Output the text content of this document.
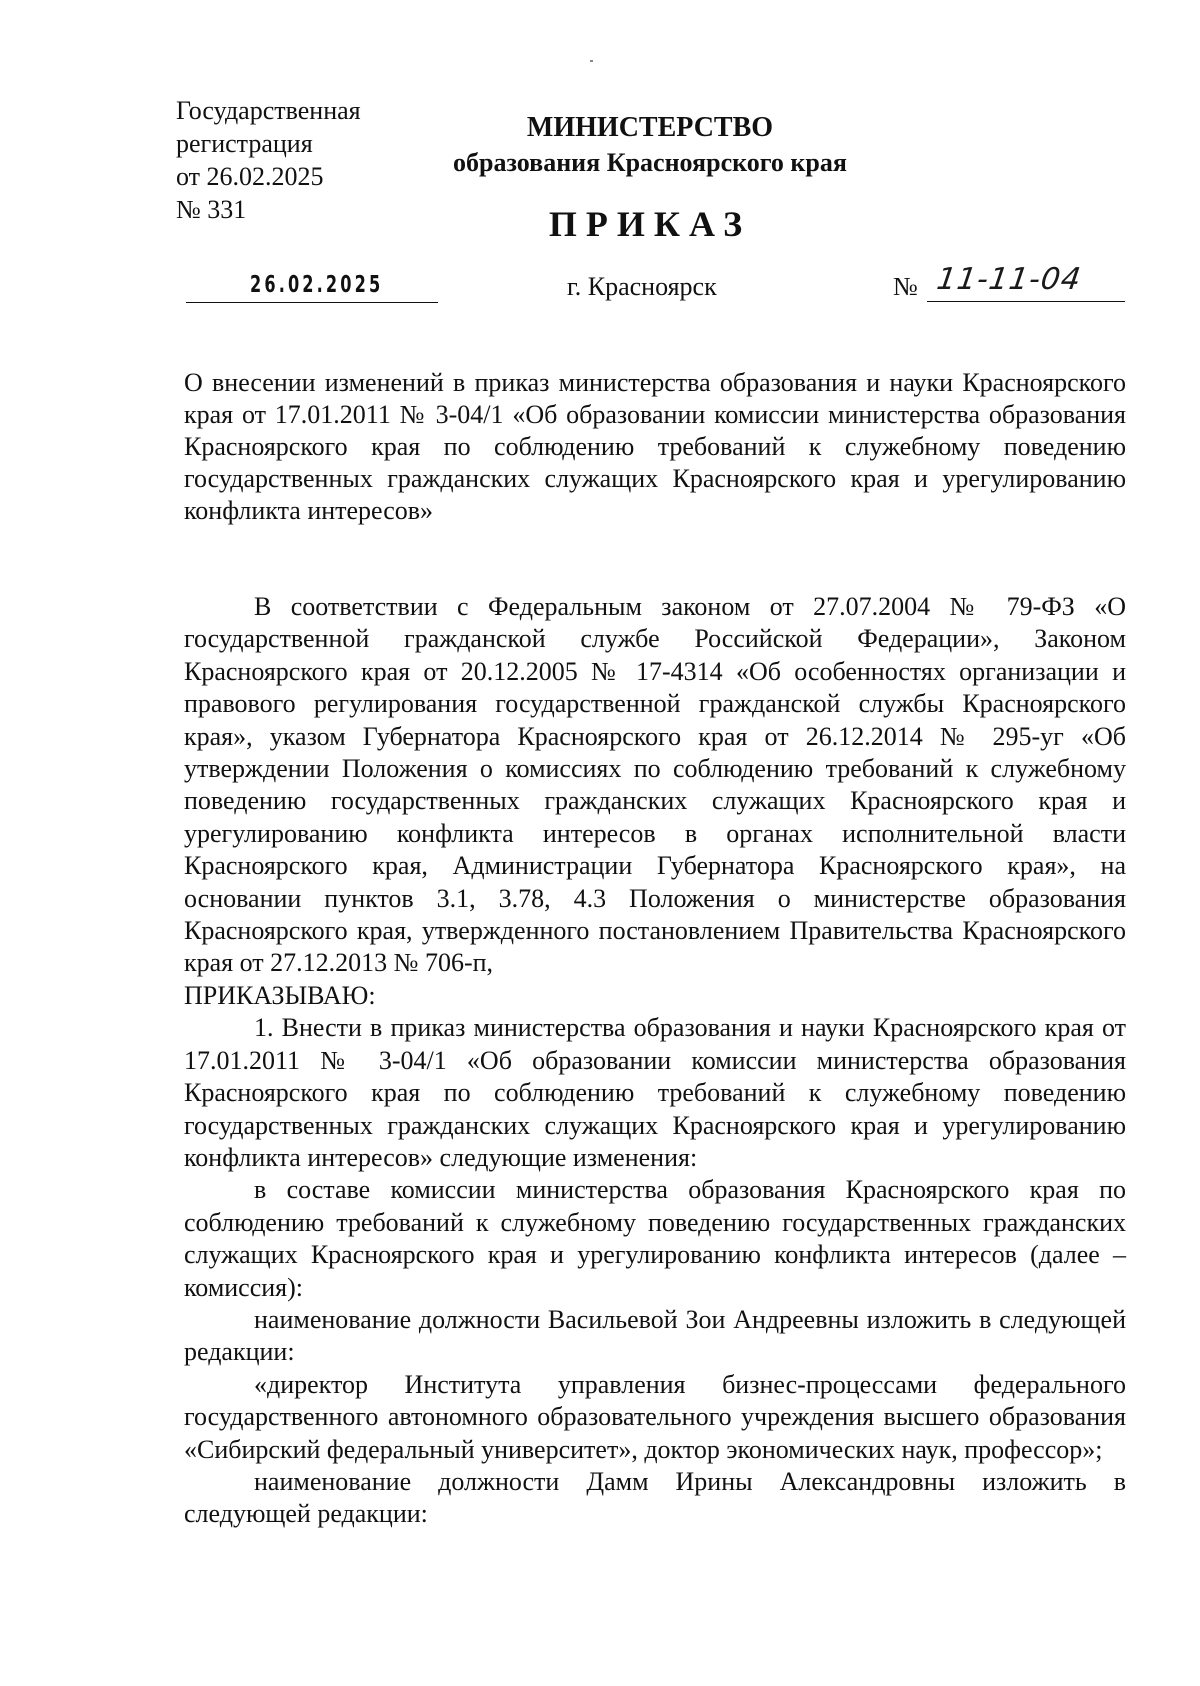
Государственная
регистрация
от 26.02.2025
№ 331
МИНИСТЕРСТВО
образования Красноярского края
ПРИКАЗ
26.02.2025	г. Красноярск	№ 11-11-04
О внесении изменений в приказ министерства образования и науки Красноярского края от 17.01.2011 № 3-04/1 «Об образовании комиссии министерства образования Красноярского края по соблюдению требований к служебному поведению государственных гражданских служащих Красноярского края и урегулированию конфликта интересов»

В соответствии с Федеральным законом от 27.07.2004 № 79-ФЗ «О государственной гражданской службе Российской Федерации», Законом Красноярского края от 20.12.2005 № 17-4314 «Об особенностях организации и правового регулирования государственной гражданской службы Красноярского края», указом Губернатора Красноярского края от 26.12.2014 № 295-уг «Об утверждении Положения о комиссиях по соблюдению требований к служебному поведению государственных гражданских служащих Красноярского края и урегулированию конфликта интересов в органах исполнительной власти Красноярского края, Администрации Губернатора Красноярского края», на основании пунктов 3.1, 3.78, 4.3 Положения о министерстве образования Красноярского края, утвержденного постановлением Правительства Красноярского края от 27.12.2013 № 706-п,

ПРИКАЗЫВАЮ:

1. Внести в приказ министерства образования и науки Красноярского края от 17.01.2011 № 3-04/1 «Об образовании комиссии министерства образования Красноярского края по соблюдению требований к служебному поведению государственных гражданских служащих Красноярского края и урегулированию конфликта интересов» следующие изменения:

в составе комиссии министерства образования Красноярского края по соблюдению требований к служебному поведению государственных гражданских служащих Красноярского края и урегулированию конфликта интересов (далее – комиссия):

наименование должности Васильевой Зои Андреевны изложить в следующей редакции:

«директор Института управления бизнес-процессами федерального государственного автономного образовательного учреждения высшего образования «Сибирский федеральный университет», доктор экономических наук, профессор»;

наименование должности Дамм Ирины Александровны изложить в следующей редакции:
